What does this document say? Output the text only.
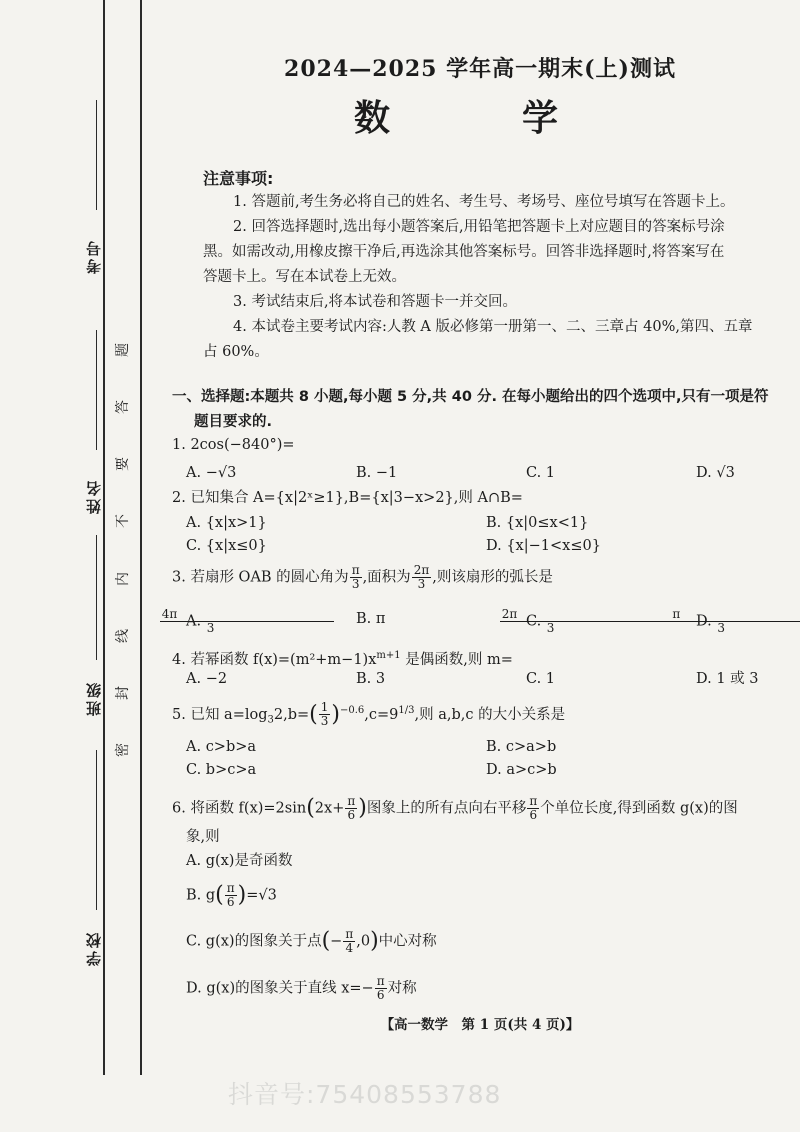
考号
姓名
班级
学校
题
答
要
不
内
线
封
密
2024—2025 学年高一期末(上)测试
数　学
注意事项:
1. 答题前,考生务必将自己的姓名、考生号、考场号、座位号填写在答题卡上。
2. 回答选择题时,选出每小题答案后,用铅笔把答题卡上对应题目的答案标号涂
黑。如需改动,用橡皮擦干净后,再选涂其他答案标号。回答非选择题时,将答案写在
答题卡上。写在本试卷上无效。
3. 考试结束后,将本试卷和答题卡一并交回。
4. 本试卷主要考试内容:人教 A 版必修第一册第一、二、三章占 40%,第四、五章
占 60%。
一、选择题:本题共 8 小题,每小题 5 分,共 40 分. 在每小题给出的四个选项中,只有一项是符
题目要求的.
1. 2cos(−840°)=
A. −√3	B. −1	C. 1	D. √3
2. 已知集合 A={x|2ˣ≥1},B={x|3−x>2},则 A∩B=
A. {x|x>1}	B. {x|0≤x<1}
C. {x|x≤0}	D. {x|−1<x≤0}
3. 若扇形 OAB 的圆心角为 $\frac{\pi}{3}$ ,面积为 $\frac{2\pi}{3}$ ,则该扇形的弧长是
A. $\frac{4\pi}{3}$	B. π	C. $\frac{2\pi}{3}$	D. $\frac{\pi}{3}$
4. 若幂函数 $f(x)=(m^2+m-1)x^{m+1}$ 是偶函数,则 m=
A. −2	B. 3	C. 1	D. 1 或 3
5. 已知 $a=\log_32,b=( \frac{1}{3} )^{-0.6},c=9^{1/3}$,则 a,b,c 的大小关系是
A. c>b>a	B. c>a>b
C. b>c>a	D. a>c>b
6. 将函数 $f(x)=2\sin(2x+ \frac{\pi}{6}$ )图象上的所有点向右平移 $\frac{\pi}{6}$ 个单位长度,得到函数 g(x)的图
象,则
A. g(x)是奇函数
B. $g( \frac{\pi}{6} )=√3$
C. g(x)的图象关于点(− $\frac{\pi}{4} ,0$)中心对称
D. g(x)的图象关于直线 $x=- \frac{\pi}{6}$ 对称
【高一数学　第 1 页(共 4 页)】
抖音号:75408553788
